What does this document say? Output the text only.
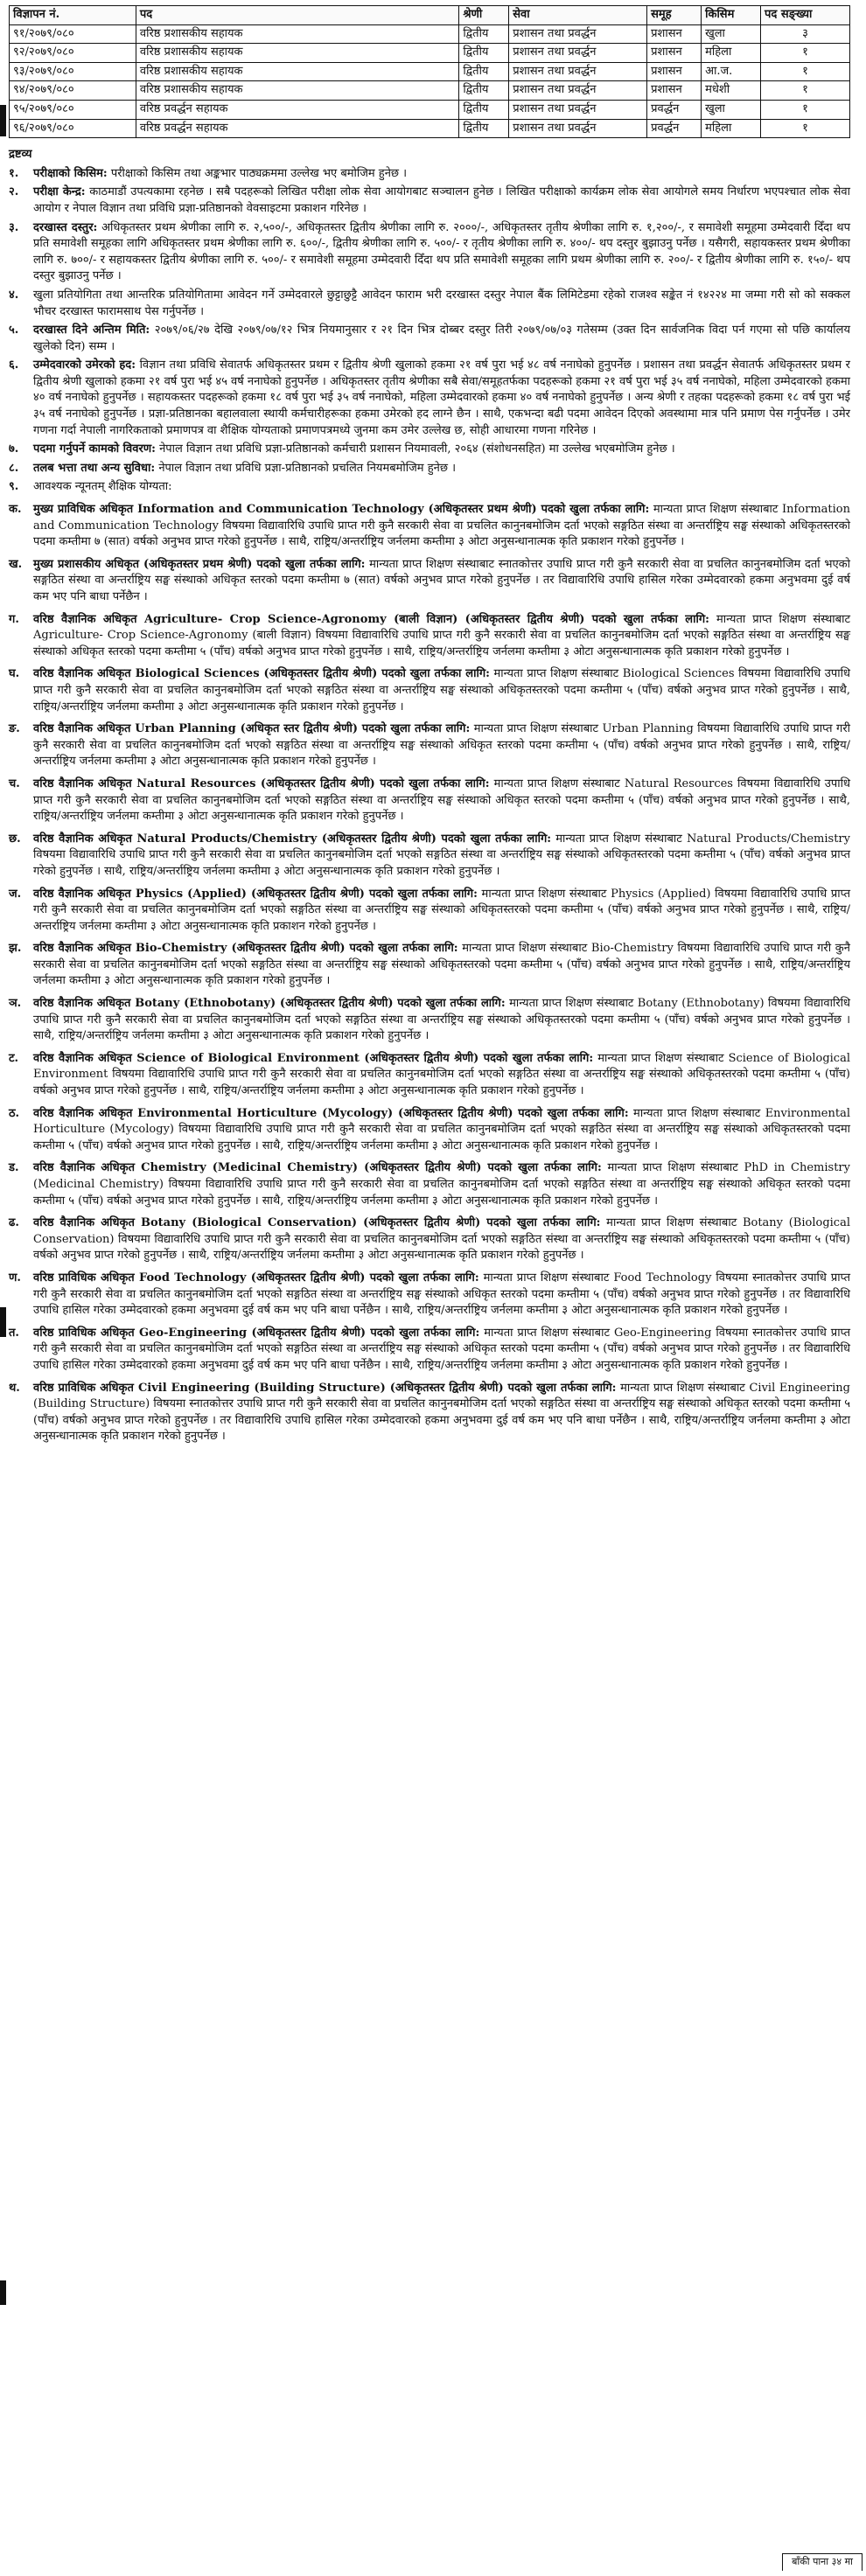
विज्ञापन नं.	पद	श्रेणी	सेवा	समूह	किसिम	पद सङ्ख्या
९१/२०७९/०८०	वरिष्ठ प्रशासकीय सहायक	द्वितीय	प्रशासन तथा प्रवर्द्धन	प्रशासन	खुला	३
९२/२०७९/०८०	वरिष्ठ प्रशासकीय सहायक	द्वितीय	प्रशासन तथा प्रवर्द्धन	प्रशासन	महिला	१
९३/२०७९/०८०	वरिष्ठ प्रशासकीय सहायक	द्वितीय	प्रशासन तथा प्रवर्द्धन	प्रशासन	आ.ज.	१
९४/२०७९/०८०	वरिष्ठ प्रशासकीय सहायक	द्वितीय	प्रशासन तथा प्रवर्द्धन	प्रशासन	मधेशी	१
९५/२०७९/०८०	वरिष्ठ प्रवर्द्धन सहायक	द्वितीय	प्रशासन तथा प्रवर्द्धन	प्रवर्द्धन	खुला	१
९६/२०७९/०८०	वरिष्ठ प्रवर्द्धन सहायक	द्वितीय	प्रशासन तथा प्रवर्द्धन	प्रवर्द्धन	महिला	१
द्रष्टव्य
१.	परीक्षाको किसिम: परीक्षाको किसिम तथा अङ्कभार पाठ्यक्रममा उल्लेख भए बमोजिम हुनेछ ।
२.	परीक्षा केन्द्र: काठमाडौं उपत्यकामा रहनेछ । सबै पदहरूको लिखित परीक्षा लोक सेवा आयोगबाट सञ्चालन हुनेछ । लिखित परीक्षाको कार्यक्रम लोक सेवा आयोगले समय निर्धारण भएपश्चात लोक सेवा आयोग र नेपाल विज्ञान तथा प्रविधि प्रज्ञा-प्रतिष्ठानको वेवसाइटमा प्रकाशन गरिनेछ ।
३.	दरखास्त दस्तुर: अधिकृतस्तर प्रथम श्रेणीका लागि रु. २,५००/-, अधिकृतस्तर द्वितीय श्रेणीका लागि रु. २०००/-, अधिकृतस्तर तृतीय श्रेणीका लागि रु. १,२००/-, र समावेशी समूहमा उम्मेदवारी दिँदा थप प्रति समावेशी समूहका लागि अधिकृतस्तर प्रथम श्रेणीका लागि रु. ६००/-, द्वितीय श्रेणीका लागि रु. ५००/- र तृतीय श्रेणीका लागि रु. ४००/- थप दस्तुर बुझाउनु पर्नेछ । यसैगरी, सहायकस्तर प्रथम श्रेणीका लागि रु. ७००/- र सहायकस्तर द्वितीय श्रेणीका लागि रु. ५००/- र समावेशी समूहमा उम्मेदवारी दिँदा थप प्रति समावेशी समूहका लागि प्रथम श्रेणीका लागि रु. २००/- र द्वितीय श्रेणीका लागि रु. १५०/- थप दस्तुर बुझाउनु पर्नेछ ।
४.	खुला प्रतियोगिता तथा आन्तरिक प्रतियोगितामा आवेदन गर्ने उम्मेदवारले छुट्टाछुट्टै आवेदन फाराम भरी दरखास्त दस्तुर नेपाल बैंक लिमिटेडमा रहेको राजश्व सङ्केत नं १४२२४ मा जम्मा गरी सो को सक्कल भौचर दरखास्त फारामसाथ पेस गर्नुपर्नेछ ।
५.	दरखास्त दिने अन्तिम मिति: २०७९/०६/२७ देखि २०७९/०७/१२ भित्र नियमानुसार र २१ दिन भित्र दोब्बर दस्तुर तिरी २०७९/०७/०३ गतेसम्म (उक्त दिन सार्वजनिक विदा पर्न गएमा सो पछि कार्यालय खुलेको दिन) सम्म ।
६.	उम्मेदवारको उमेरको हद: विज्ञान तथा प्रविधि सेवातर्फ अधिकृतस्तर प्रथम र द्वितीय श्रेणी खुलाको हकमा २१ वर्ष पुरा भई ४८ वर्ष ननाघेको हुनुपर्नेछ । प्रशासन तथा प्रवर्द्धन सेवातर्फ अधिकृतस्तर प्रथम र द्वितीय श्रेणी खुलाको हकमा २१ वर्ष पुरा भई ४५ वर्ष ननाघेको हुनुपर्नेछ । अधिकृतस्तर तृतीय श्रेणीका सबै सेवा/समूहतर्फका पदहरूको हकमा २१ वर्ष पुरा भई ३५ वर्ष ननाघेको, महिला उम्मेदवारको हकमा ४० वर्ष ननाघेको हुनुपर्नेछ । सहायकस्तर पदहरूको हकमा १८ वर्ष पुरा भई ३५ वर्ष ननाघेको, महिला उम्मेदवारको हकमा ४० वर्ष ननाघेको हुनुपर्नेछ । अन्य श्रेणी र तहका पदहरूको हकमा १८ वर्ष पुरा भई ३५ वर्ष ननाघेको हुनुपर्नेछ । प्रज्ञा-प्रतिष्ठानका बहालवाला स्थायी कर्मचारीहरूका हकमा उमेरको हद लाग्ने छैन । साथै, एकभन्दा बढी पदमा आवेदन दिएको अवस्थामा मात्र पनि प्रमाण पेस गर्नुपर्नेछ । उमेर गणना गर्दा नेपाली नागरिकताको प्रमाणपत्र वा शैक्षिक योग्यताको प्रमाणपत्रमध्ये जुनमा कम उमेर उल्लेख छ, सोही आधारमा गणना गरिनेछ ।
७.	पदमा गर्नुपर्ने कामको विवरण: नेपाल विज्ञान तथा प्रविधि प्रज्ञा-प्रतिष्ठानको कर्मचारी प्रशासन नियमावली, २०६४ (संशोधनसहित) मा उल्लेख भएबमोजिम हुनेछ ।
८.	तलब भत्ता तथा अन्य सुविधा: नेपाल विज्ञान तथा प्रविधि प्रज्ञा-प्रतिष्ठानको प्रचलित नियमबमोजिम हुनेछ ।
९.	आवश्यक न्यूनतम् शैक्षिक योग्यता:
क.	मुख्य प्राविधिक अधिकृत Information and Communication Technology (अधिकृतस्तर प्रथम श्रेणी) पदको खुला तर्फका लागि: मान्यता प्राप्त शिक्षण संस्थाबाट Information and Communication Technology विषयमा विद्यावारिधि उपाधि प्राप्त गरी कुनै सरकारी सेवा वा प्रचलित कानुनबमोजिम दर्ता भएको सङ्गठित संस्था वा अन्तर्राष्ट्रिय सङ्घ संस्थाको अधिकृतस्तरको पदमा कम्तीमा ७ (सात) वर्षको अनुभव प्राप्त गरेको हुनुपर्नेछ । साथै, राष्ट्रिय/अन्तर्राष्ट्रिय जर्नलमा कम्तीमा ३ ओटा अनुसन्धानात्मक कृति प्रकाशन गरेको हुनुपर्नेछ ।
ख. मुख्य प्रशासकीय अधिकृत (अधिकृतस्तर प्रथम श्रेणी) पदको खुला तर्फका लागि: मान्यता प्राप्त शिक्षण संस्थाबाट स्नातकोत्तर उपाधि प्राप्त गरी कुनै सरकारी सेवा वा प्रचलित कानुनबमोजिम दर्ता भएको सङ्गठित संस्था वा अन्तर्राष्ट्रिय सङ्घ संस्थाको अधिकृत स्तरको पदमा कम्तीमा ७ (सात) वर्षको अनुभव प्राप्त गरेको हुनुपर्नेछ । तर विद्यावारिधि उपाधि हासिल गरेका उम्मेदवारको हकमा अनुभवमा दुई वर्ष कम भए पनि बाधा पर्नेछैन ।
ग.	वरिष्ठ वैज्ञानिक अधिकृत Agriculture- Crop Science-Agronomy (बाली विज्ञान) (अधिकृतस्तर द्वितीय श्रेणी) पदको खुला तर्फका लागि: मान्यता प्राप्त शिक्षण संस्थाबाट Agriculture- Crop Science-Agronomy (बाली विज्ञान) विषयमा विद्यावारिधि उपाधि प्राप्त गरी कुनै सरकारी सेवा वा प्रचलित कानुनबमोजिम दर्ता भएको सङ्गठित संस्था वा अन्तर्राष्ट्रिय सङ्घ संस्थाको अधिकृत स्तरको पदमा कम्तीमा ५ (पाँच) वर्षको अनुभव प्राप्त गरेको हुनुपर्नेछ । साथै, राष्ट्रिय/अन्तर्राष्ट्रिय जर्नलमा कम्तीमा ३ ओटा अनुसन्धानात्मक कृति प्रकाशन गरेको हुनुपर्नेछ ।
घ.	वरिष्ठ वैज्ञानिक अधिकृत Biological Sciences (अधिकृतस्तर द्वितीय श्रेणी) पदको खुला तर्फका लागि: मान्यता प्राप्त शिक्षण संस्थाबाट Biological Sciences विषयमा विद्यावारिधि उपाधि प्राप्त गरी कुनै सरकारी सेवा वा प्रचलित कानुनबमोजिम दर्ता भएको सङ्गठित संस्था वा अन्तर्राष्ट्रिय सङ्घ संस्थाको अधिकृतस्तरको पदमा कम्तीमा ५ (पाँच) वर्षको अनुभव प्राप्त गरेको हुनुपर्नेछ । साथै, राष्ट्रिय/अन्तर्राष्ट्रिय जर्नलमा कम्तीमा ३ ओटा अनुसन्धानात्मक कृति प्रकाशन गरेको हुनुपर्नेछ ।
ङ.	वरिष्ठ वैज्ञानिक अधिकृत Urban Planning (अधिकृत स्तर द्वितीय श्रेणी) पदको खुला तर्फका लागि: मान्यता प्राप्त शिक्षण संस्थाबाट Urban Planning विषयमा विद्यावारिधि उपाधि प्राप्त गरी कुनै सरकारी सेवा वा प्रचलित कानुनबमोजिम दर्ता भएको सङ्गठित संस्था वा अन्तर्राष्ट्रिय सङ्घ संस्थाको अधिकृत स्तरको पदमा कम्तीमा ५ (पाँच) वर्षको अनुभव प्राप्त गरेको हुनुपर्नेछ । साथै, राष्ट्रिय/अन्तर्राष्ट्रिय जर्नलमा कम्तीमा ३ ओटा अनुसन्धानात्मक कृति प्रकाशन गरेको हुनुपर्नेछ ।
च.	वरिष्ठ वैज्ञानिक अधिकृत Natural Resources (अधिकृतस्तर द्वितीय श्रेणी) पदको खुला तर्फका लागि: मान्यता प्राप्त शिक्षण संस्थाबाट Natural Resources विषयमा विद्यावारिधि उपाधि प्राप्त गरी कुनै सरकारी सेवा वा प्रचलित कानुनबमोजिम दर्ता भएको सङ्गठित संस्था वा अन्तर्राष्ट्रिय सङ्घ संस्थाको अधिकृत स्तरको पदमा कम्तीमा ५ (पाँच) वर्षको अनुभव प्राप्त गरेको हुनुपर्नेछ । साथै, राष्ट्रिय/अन्तर्राष्ट्रिय जर्नलमा कम्तीमा ३ ओटा अनुसन्धानात्मक कृति प्रकाशन गरेको हुनुपर्नेछ ।
छ.	वरिष्ठ वैज्ञानिक अधिकृत Natural Products/Chemistry (अधिकृतस्तर द्वितीय श्रेणी) पदको खुला तर्फका लागि: मान्यता प्राप्त शिक्षण संस्थाबाट Natural Products/Chemistry विषयमा विद्यावारिधि उपाधि प्राप्त गरी कुनै सरकारी सेवा वा प्रचलित कानुनबमोजिम दर्ता भएको सङ्गठित संस्था वा अन्तर्राष्ट्रिय सङ्घ संस्थाको अधिकृतस्तरको पदमा कम्तीमा ५ (पाँच) वर्षको अनुभव प्राप्त गरेको हुनुपर्नेछ । साथै, राष्ट्रिय/अन्तर्राष्ट्रिय जर्नलमा कम्तीमा ३ ओटा अनुसन्धानात्मक कृति प्रकाशन गरेको हुनुपर्नेछ ।
ज.	वरिष्ठ वैज्ञानिक अधिकृत Physics (Applied) (अधिकृतस्तर द्वितीय श्रेणी) पदको खुला तर्फका लागि: मान्यता प्राप्त शिक्षण संस्थाबाट Physics (Applied) विषयमा विद्यावारिधि उपाधि प्राप्त गरी कुनै सरकारी सेवा वा प्रचलित कानुनबमोजिम दर्ता भएको सङ्गठित संस्था वा अन्तर्राष्ट्रिय सङ्घ संस्थाको अधिकृतस्तरको पदमा कम्तीमा ५ (पाँच) वर्षको अनुभव प्राप्त गरेको हुनुपर्नेछ । साथै, राष्ट्रिय/अन्तर्राष्ट्रिय जर्नलमा कम्तीमा ३ ओटा अनुसन्धानात्मक कृति प्रकाशन गरेको हुनुपर्नेछ ।
झ.	वरिष्ठ वैज्ञानिक अधिकृत Bio-Chemistry (अधिकृतस्तर द्वितीय श्रेणी) पदको खुला तर्फका लागि: मान्यता प्राप्त शिक्षण संस्थाबाट Bio-Chemistry विषयमा विद्यावारिधि उपाधि प्राप्त गरी कुनै सरकारी सेवा वा प्रचलित कानुनबमोजिम दर्ता भएको सङ्गठित संस्था वा अन्तर्राष्ट्रिय सङ्घ संस्थाको अधिकृतस्तरको पदमा कम्तीमा ५ (पाँच) वर्षको अनुभव प्राप्त गरेको हुनुपर्नेछ । साथै, राष्ट्रिय/अन्तर्राष्ट्रिय जर्नलमा कम्तीमा ३ ओटा अनुसन्धानात्मक कृति प्रकाशन गरेको हुनुपर्नेछ ।
ञ.	वरिष्ठ वैज्ञानिक अधिकृत Botany (Ethnobotany) (अधिकृतस्तर द्वितीय श्रेणी) पदको खुला तर्फका लागि: मान्यता प्राप्त शिक्षण संस्थाबाट Botany (Ethnobotany) विषयमा विद्यावारिधि उपाधि प्राप्त गरी कुनै सरकारी सेवा वा प्रचलित कानुनबमोजिम दर्ता भएको सङ्गठित संस्था वा अन्तर्राष्ट्रिय सङ्घ संस्थाको अधिकृतस्तरको पदमा कम्तीमा ५ (पाँच) वर्षको अनुभव प्राप्त गरेको हुनुपर्नेछ । साथै, राष्ट्रिय/अन्तर्राष्ट्रिय जर्नलमा कम्तीमा ३ ओटा अनुसन्धानात्मक कृति प्रकाशन गरेको हुनुपर्नेछ ।
ट.	वरिष्ठ वैज्ञानिक अधिकृत Science of Biological Environment (अधिकृतस्तर द्वितीय श्रेणी) पदको खुला तर्फका लागि: मान्यता प्राप्त शिक्षण संस्थाबाट Science of Biological Environment विषयमा विद्यावारिधि उपाधि प्राप्त गरी कुनै सरकारी सेवा वा प्रचलित कानुनबमोजिम दर्ता भएको सङ्गठित संस्था वा अन्तर्राष्ट्रिय सङ्घ संस्थाको अधिकृतस्तरको पदमा कम्तीमा ५ (पाँच) वर्षको अनुभव प्राप्त गरेको हुनुपर्नेछ । साथै, राष्ट्रिय/अन्तर्राष्ट्रिय जर्नलमा कम्तीमा ३ ओटा अनुसन्धानात्मक कृति प्रकाशन गरेको हुनुपर्नेछ ।
ठ.	वरिष्ठ वैज्ञानिक अधिकृत Environmental Horticulture (Mycology) (अधिकृतस्तर द्वितीय श्रेणी) पदको खुला तर्फका लागि: मान्यता प्राप्त शिक्षण संस्थाबाट Environmental Horticulture (Mycology) विषयमा विद्यावारिधि उपाधि प्राप्त गरी कुनै सरकारी सेवा वा प्रचलित कानुनबमोजिम दर्ता भएको सङ्गठित संस्था वा अन्तर्राष्ट्रिय सङ्घ संस्थाको अधिकृतस्तरको पदमा कम्तीमा ५ (पाँच) वर्षको अनुभव प्राप्त गरेको हुनुपर्नेछ । साथै, राष्ट्रिय/अन्तर्राष्ट्रिय जर्नलमा कम्तीमा ३ ओटा अनुसन्धानात्मक कृति प्रकाशन गरेको हुनुपर्नेछ ।
ड.	वरिष्ठ वैज्ञानिक अधिकृत Chemistry (Medicinal Chemistry) (अधिकृतस्तर द्वितीय श्रेणी) पदको खुला तर्फका लागि: मान्यता प्राप्त शिक्षण संस्थाबाट PhD in Chemistry (Medicinal Chemistry) विषयमा विद्यावारिधि उपाधि प्राप्त गरी कुनै सरकारी सेवा वा प्रचलित कानुनबमोजिम दर्ता भएको सङ्गठित संस्था वा अन्तर्राष्ट्रिय सङ्घ संस्थाको अधिकृत स्तरको पदमा कम्तीमा ५ (पाँच) वर्षको अनुभव प्राप्त गरेको हुनुपर्नेछ । साथै, राष्ट्रिय/अन्तर्राष्ट्रिय जर्नलमा कम्तीमा ३ ओटा अनुसन्धानात्मक कृति प्रकाशन गरेको हुनुपर्नेछ ।
ढ.	वरिष्ठ वैज्ञानिक अधिकृत Botany (Biological Conservation) (अधिकृतस्तर द्वितीय श्रेणी) पदको खुला तर्फका लागि: मान्यता प्राप्त शिक्षण संस्थाबाट Botany (Biological Conservation) विषयमा विद्यावारिधि उपाधि प्राप्त गरी कुनै सरकारी सेवा वा प्रचलित कानुनबमोजिम दर्ता भएको सङ्गठित संस्था वा अन्तर्राष्ट्रिय सङ्घ संस्थाको अधिकृतस्तरको पदमा कम्तीमा ५ (पाँच) वर्षको अनुभव प्राप्त गरेको हुनुपर्नेछ । साथै, राष्ट्रिय/अन्तर्राष्ट्रिय जर्नलमा कम्तीमा ३ ओटा अनुसन्धानात्मक कृति प्रकाशन गरेको हुनुपर्नेछ ।
ण.	वरिष्ठ प्राविधिक अधिकृत Food Technology (अधिकृतस्तर द्वितीय श्रेणी) पदको खुला तर्फका लागि: मान्यता प्राप्त शिक्षण संस्थाबाट Food Technology विषयमा स्नातकोत्तर उपाधि प्राप्त गरी कुनै सरकारी सेवा वा प्रचलित कानुनबमोजिम दर्ता भएको सङ्गठित संस्था वा अन्तर्राष्ट्रिय सङ्घ संस्थाको अधिकृत स्तरको पदमा कम्तीमा ५ (पाँच) वर्षको अनुभव प्राप्त गरेको हुनुपर्नेछ । तर विद्यावारिधि उपाधि हासिल गरेका उम्मेदवारको हकमा अनुभवमा दुई वर्ष कम भए पनि बाधा पर्नेछैन । साथै, राष्ट्रिय/अन्तर्राष्ट्रिय जर्नलमा कम्तीमा ३ ओटा अनुसन्धानात्मक कृति प्रकाशन गरेको हुनुपर्नेछ ।
त.	वरिष्ठ प्राविधिक अधिकृत Geo-Engineering (अधिकृतस्तर द्वितीय श्रेणी) पदको खुला तर्फका लागि: मान्यता प्राप्त शिक्षण संस्थाबाट Geo-Engineering विषयमा स्नातकोत्तर उपाधि प्राप्त गरी कुनै सरकारी सेवा वा प्रचलित कानुनबमोजिम दर्ता भएको सङ्गठित संस्था वा अन्तर्राष्ट्रिय सङ्घ संस्थाको अधिकृत स्तरको पदमा कम्तीमा ५ (पाँच) वर्षको अनुभव प्राप्त गरेको हुनुपर्नेछ । तर विद्यावारिधि उपाधि हासिल गरेका उम्मेदवारको हकमा अनुभवमा दुई वर्ष कम भए पनि बाधा पर्नेछैन । साथै, राष्ट्रिय/अन्तर्राष्ट्रिय जर्नलमा कम्तीमा ३ ओटा अनुसन्धानात्मक कृति प्रकाशन गरेको हुनुपर्नेछ ।
थ.	वरिष्ठ प्राविधिक अधिकृत Civil Engineering (Building Structure) (अधिकृतस्तर द्वितीय श्रेणी) पदको खुला तर्फका लागि: मान्यता प्राप्त शिक्षण संस्थाबाट Civil Engineering (Building Structure) विषयमा स्नातकोत्तर उपाधि प्राप्त गरी कुनै सरकारी सेवा वा प्रचलित कानुनबमोजिम दर्ता भएको सङ्गठित संस्था वा अन्तर्राष्ट्रिय सङ्घ संस्थाको अधिकृत स्तरको पदमा कम्तीमा ५ (पाँच) वर्षको अनुभव प्राप्त गरेको हुनुपर्नेछ । तर विद्यावारिधि उपाधि हासिल गरेका उम्मेदवारको हकमा अनुभवमा दुई वर्ष कम भए पनि बाधा पर्नेछैन । साथै, राष्ट्रिय/अन्तर्राष्ट्रिय जर्नलमा कम्तीमा ३ ओटा अनुसन्धानात्मक कृति प्रकाशन गरेको हुनुपर्नेछ ।
बाँकी पाना ३४ मा
